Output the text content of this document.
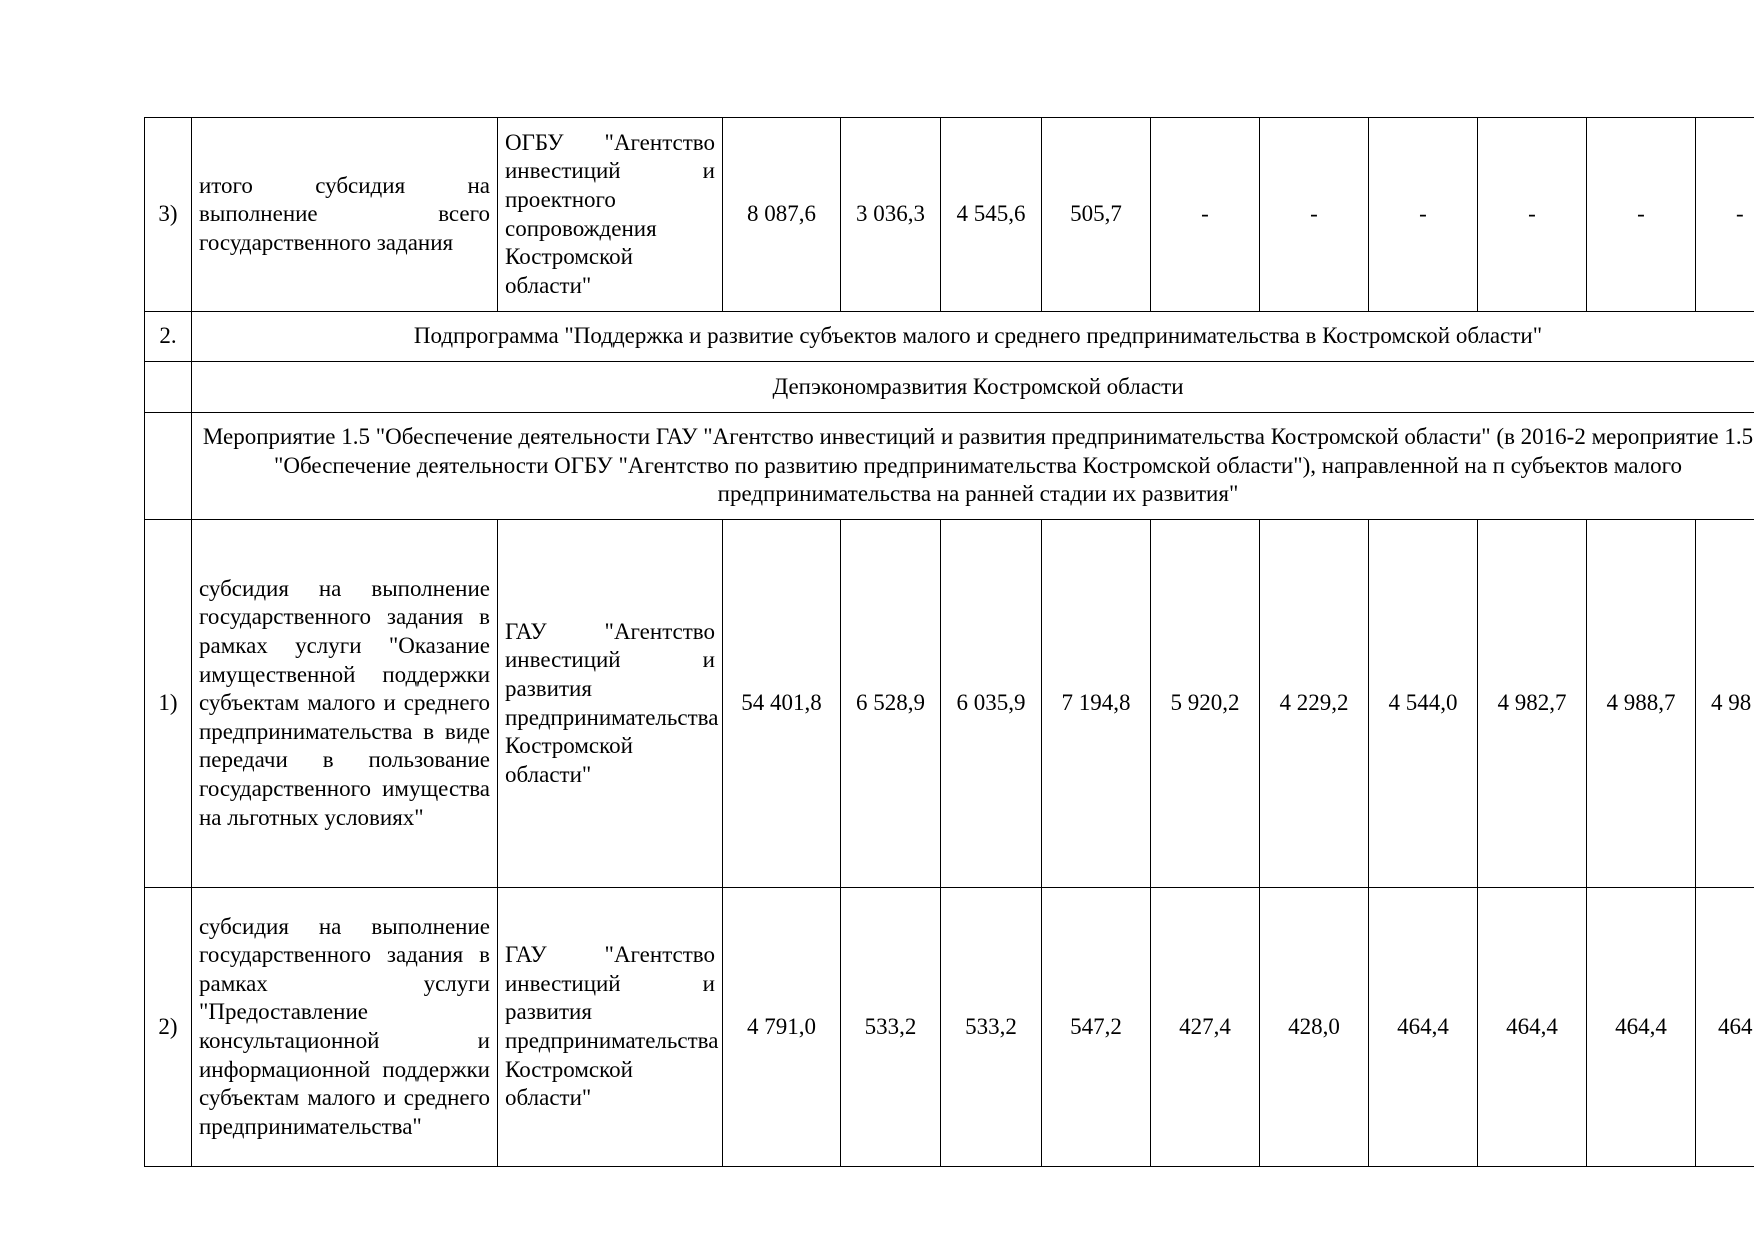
3)	итого субсидия на выполнение всего государственного задания	ОГБУ "Агентство инвестиций и проектного сопровождения Костромской области"	8 087,6	3 036,3	4 545,6	505,7	-	-	-	-	-	-
2.	Подпрограмма "Поддержка и развитие субъектов малого и среднего предпринимательства в Костромской области"											

	Депэкономразвития Костромской области											

	Мероприятие 1.5 "Обеспечение деятельности ГАУ "Агентство инвестиций и развития предпринимательства Костромской области" (в 2016-2 мероприятие 1.5 "Обеспечение деятельности ОГБУ "Агентство по развитию предпринимательства Костромской области"), направленной на п субъектов малого предпринимательства на ранней стадии их развития"											

1)	субсидия на выполнение государственного задания в рамках услуги "Оказание имущественной поддержки субъектам малого и среднего предпринимательства в виде передачи в пользование государственного имущества на льготных условиях"	ГАУ "Агентство инвестиций и развития предпринимательства Костромской области"	54 401,8	6 528,9	6 035,9	7 194,8	5 920,2	4 229,2	4 544,0	4 982,7	4 988,7	4 98
2)	субсидия на выполнение государственного задания в рамках услуги "Предоставление консультационной и информационной поддержки субъектам малого и среднего предпринимательства"	ГАУ "Агентство инвестиций и развития предпринимательства Костромской области"	4 791,0	533,2	533,2	547,2	427,4	428,0	464,4	464,4	464,4	464
